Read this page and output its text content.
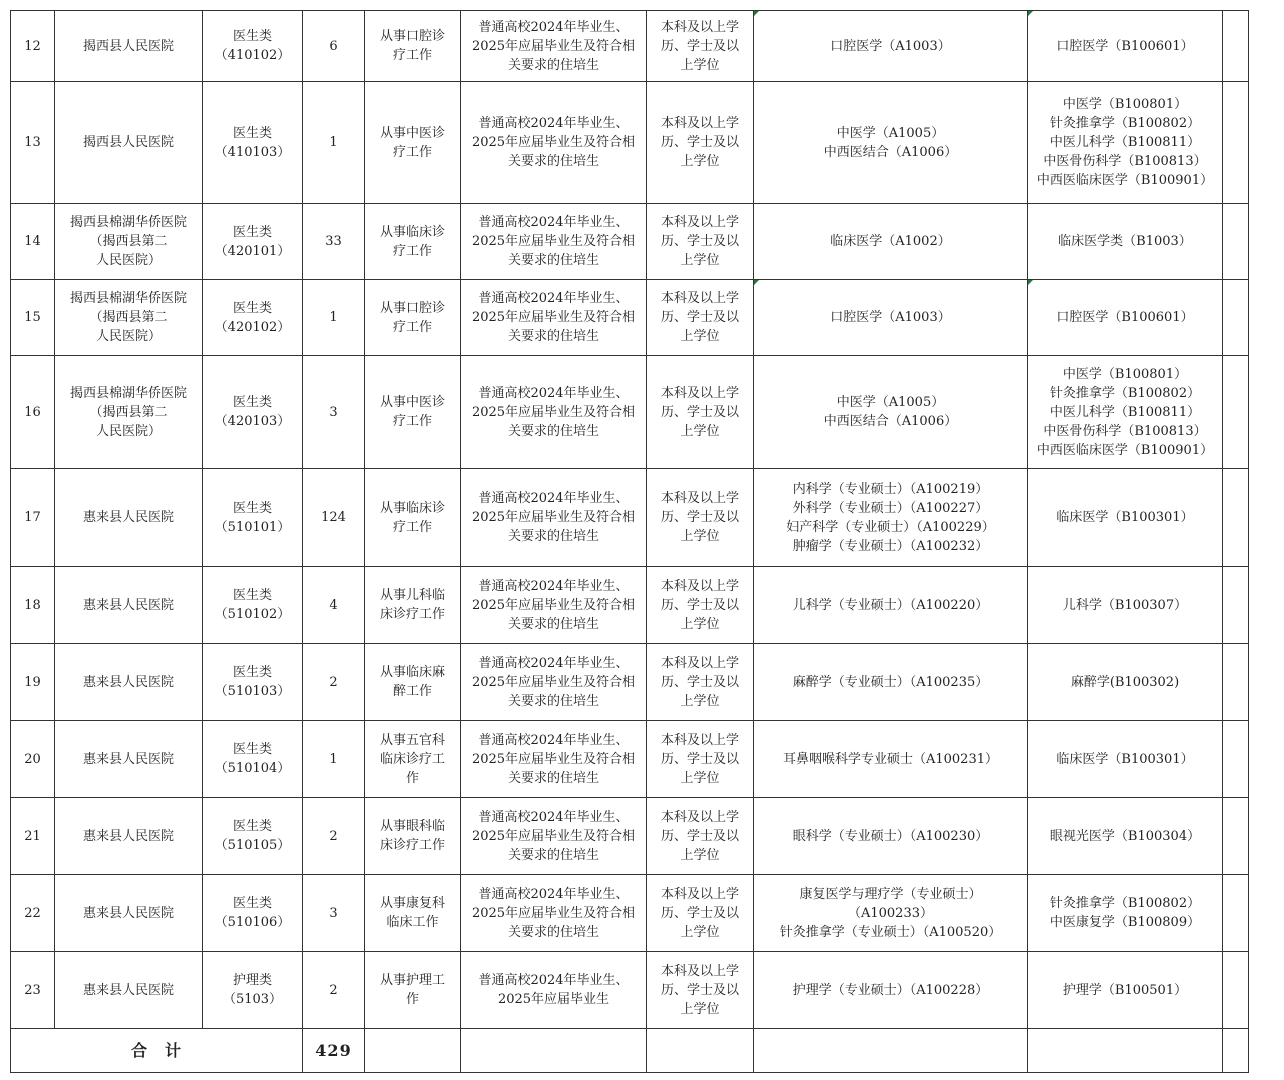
12	揭西县人民医院	医生类
（410102）	6	从事口腔诊
疗工作	普通高校2024年毕业生、
2025年应届毕业生及符合相
关要求的住培生	本科及以上学
历、学士及以
上学位	口腔医学（A1003）	口腔医学（B100601）	
13	揭西县人民医院	医生类
（410103）	1	从事中医诊
疗工作	普通高校2024年毕业生、
2025年应届毕业生及符合相
关要求的住培生	本科及以上学
历、学士及以
上学位	中医学（A1005）
中西医结合（A1006）	中医学（B100801）
针灸推拿学（B100802）
中医儿科学（B100811）
中医骨伤科学（B100813）
中西医临床医学（B100901）	
14	揭西县棉湖华侨医院
（揭西县第二
人民医院）	医生类
（420101）	33	从事临床诊
疗工作	普通高校2024年毕业生、
2025年应届毕业生及符合相
关要求的住培生	本科及以上学
历、学士及以
上学位	临床医学（A1002）	临床医学类（B1003）	
15	揭西县棉湖华侨医院
（揭西县第二
人民医院）	医生类
（420102）	1	从事口腔诊
疗工作	普通高校2024年毕业生、
2025年应届毕业生及符合相
关要求的住培生	本科及以上学
历、学士及以
上学位	口腔医学（A1003）	口腔医学（B100601）	
16	揭西县棉湖华侨医院
（揭西县第二
人民医院）	医生类
（420103）	3	从事中医诊
疗工作	普通高校2024年毕业生、
2025年应届毕业生及符合相
关要求的住培生	本科及以上学
历、学士及以
上学位	中医学（A1005）
中西医结合（A1006）	中医学（B100801）
针灸推拿学（B100802）
中医儿科学（B100811）
中医骨伤科学（B100813）
中西医临床医学（B100901）	
17	惠来县人民医院	医生类
（510101）	124	从事临床诊
疗工作	普通高校2024年毕业生、
2025年应届毕业生及符合相
关要求的住培生	本科及以上学
历、学士及以
上学位	内科学（专业硕士）（A100219）
外科学（专业硕士）（A100227）
妇产科学（专业硕士）（A100229）
肿瘤学（专业硕士）（A100232）	临床医学（B100301）	
18	惠来县人民医院	医生类
（510102）	4	从事儿科临
床诊疗工作	普通高校2024年毕业生、
2025年应届毕业生及符合相
关要求的住培生	本科及以上学
历、学士及以
上学位	儿科学（专业硕士）（A100220）	儿科学（B100307）	
19	惠来县人民医院	医生类
（510103）	2	从事临床麻
醉工作	普通高校2024年毕业生、
2025年应届毕业生及符合相
关要求的住培生	本科及以上学
历、学士及以
上学位	麻醉学（专业硕士）（A100235）	麻醉学(B100302)	
20	惠来县人民医院	医生类
（510104）	1	从事五官科
临床诊疗工
作	普通高校2024年毕业生、
2025年应届毕业生及符合相
关要求的住培生	本科及以上学
历、学士及以
上学位	耳鼻咽喉科学专业硕士（A100231）	临床医学（B100301）	
21	惠来县人民医院	医生类
（510105）	2	从事眼科临
床诊疗工作	普通高校2024年毕业生、
2025年应届毕业生及符合相
关要求的住培生	本科及以上学
历、学士及以
上学位	眼科学（专业硕士）（A100230）	眼视光医学（B100304）	
22	惠来县人民医院	医生类
（510106）	3	从事康复科
临床工作	普通高校2024年毕业生、
2025年应届毕业生及符合相
关要求的住培生	本科及以上学
历、学士及以
上学位	康复医学与理疗学（专业硕士）
（A100233）
针灸推拿学（专业硕士）（A100520）	针灸推拿学（B100802）
中医康复学（B100809）	
23	惠来县人民医院	护理类
（5103）	2	从事护理工
作	普通高校2024年毕业生、
2025年应届毕业生	本科及以上学
历、学士及以
上学位	护理学（专业硕士）（A100228）	护理学（B100501）	
合　计			429						
